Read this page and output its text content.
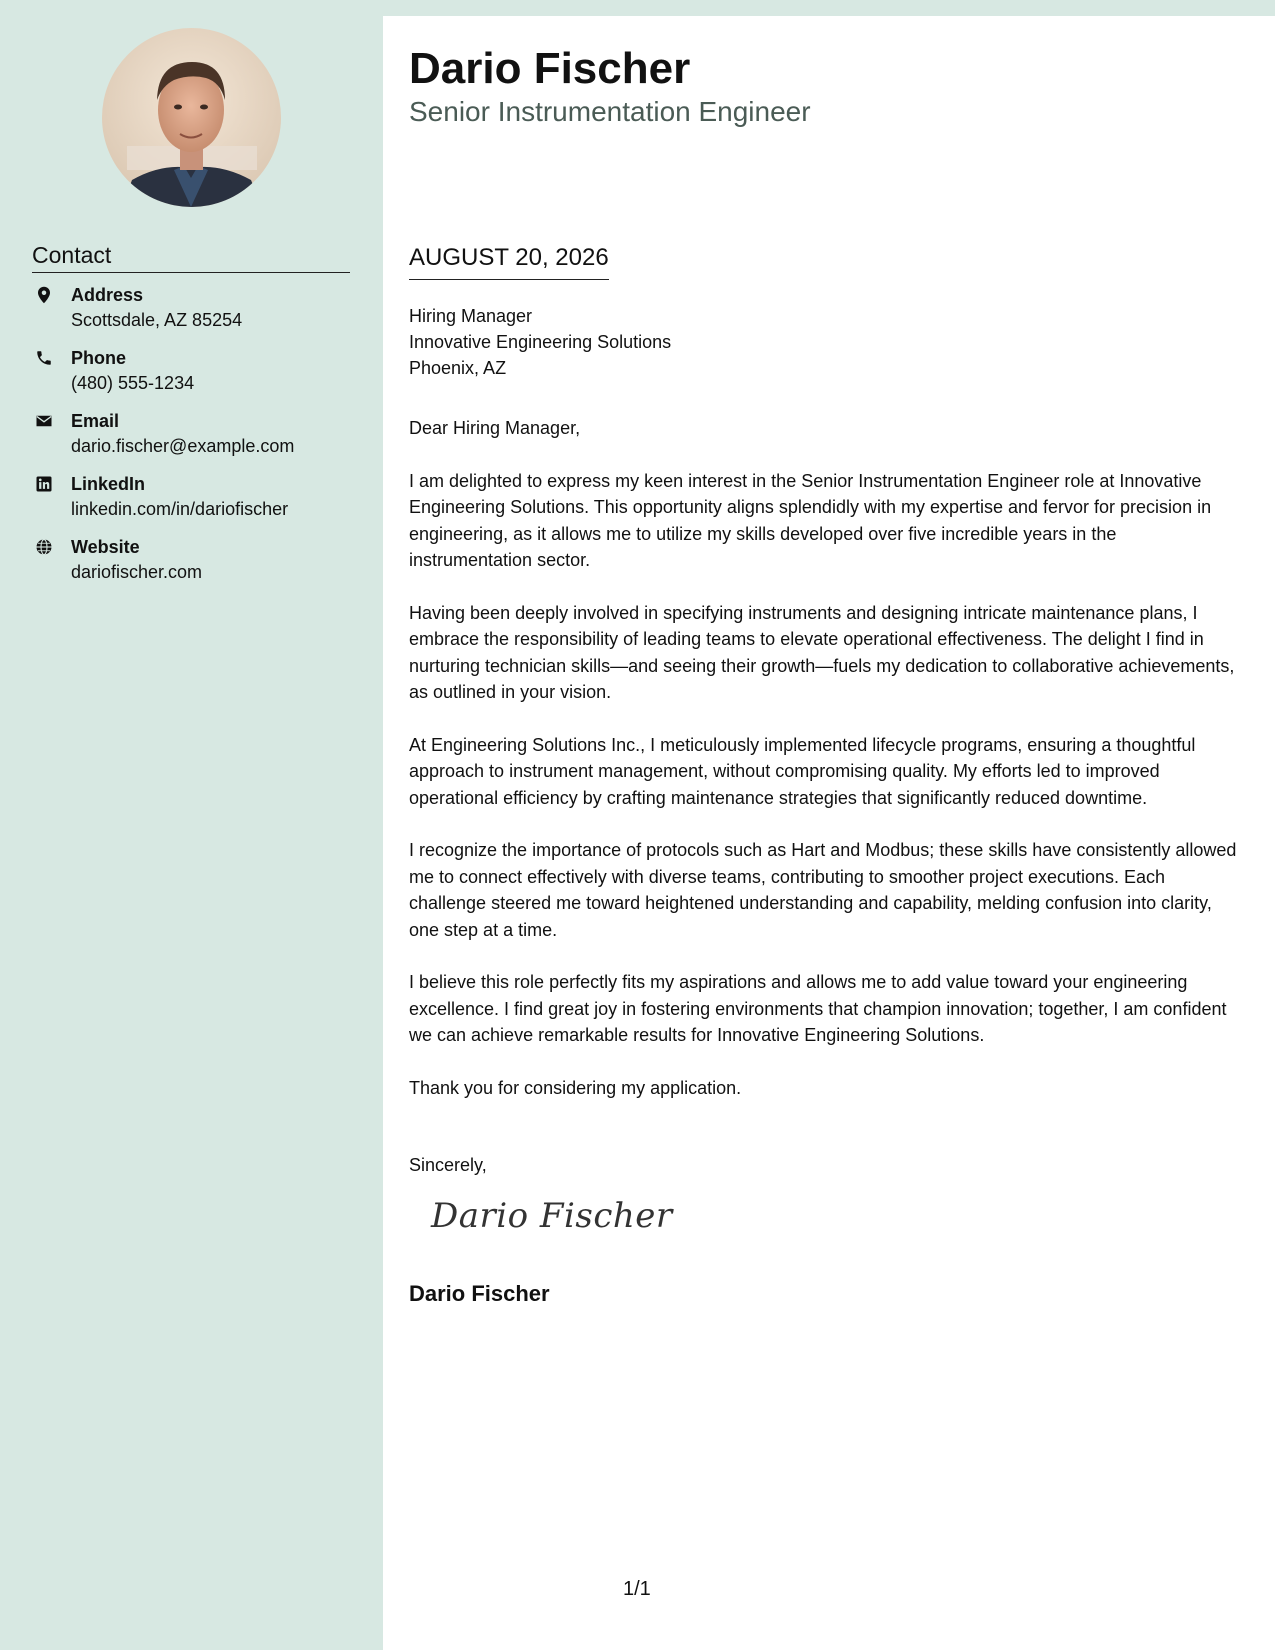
Contact
Address
Scottsdale, AZ 85254
Phone
(480) 555-1234
Email
dario.fischer@example.com
LinkedIn
linkedin.com/in/dariofischer
Website
dariofischer.com
Dario Fischer
Senior Instrumentation Engineer
AUGUST 20, 2026
Hiring Manager
Innovative Engineering Solutions
Phoenix, AZ

Dear Hiring Manager,

I am delighted to express my keen interest in the Senior Instrumentation Engineer role at Innovative Engineering Solutions. This opportunity aligns splendidly with my expertise and fervor for precision in engineering, as it allows me to utilize my skills developed over five incredible years in the instrumentation sector.

Having been deeply involved in specifying instruments and designing intricate maintenance plans, I embrace the responsibility of leading teams to elevate operational effectiveness. The delight I find in nurturing technician skills—and seeing their growth—fuels my dedication to collaborative achievements, as outlined in your vision.

At Engineering Solutions Inc., I meticulously implemented lifecycle programs, ensuring a thoughtful approach to instrument management, without compromising quality. My efforts led to improved operational efficiency by crafting maintenance strategies that significantly reduced downtime.

I recognize the importance of protocols such as Hart and Modbus; these skills have consistently allowed me to connect effectively with diverse teams, contributing to smoother project executions. Each challenge steered me toward heightened understanding and capability, melding confusion into clarity, one step at a time.

I believe this role perfectly fits my aspirations and allows me to add value toward your engineering excellence. I find great joy in fostering environments that champion innovation; together, I am confident we can achieve remarkable results for Innovative Engineering Solutions.

Thank you for considering my application.

Sincerely,
Dario Fischer
Dario Fischer
1/1
